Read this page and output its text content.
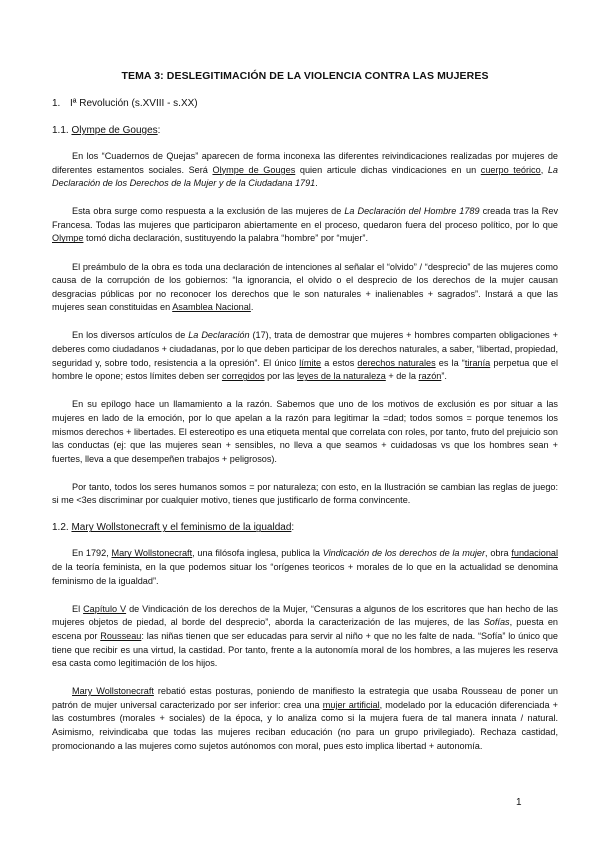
TEMA 3: DESLEGITIMACIÓN DE LA VIOLENCIA CONTRA LAS MUJERES
1. Iª Revolución (s.XVIII - s.XX)
1.1. Olympe de Gouges:

En los “Cuadernos de Quejas” aparecen de forma inconexa las diferentes reivindicaciones realizadas por mujeres de diferentes estamentos sociales. Será Olympe de Gouges quien articule dichas vindicaciones en un cuerpo teórico, La Declaración de los Derechos de la Mujer y de la Ciudadana 1791.

Esta obra surge como respuesta a la exclusión de las mujeres de La Declaración del Hombre 1789 creada tras la Rev Francesa. Todas las mujeres que participaron abiertamente en el proceso, quedaron fuera del proceso político, por lo que Olympe tomó dicha declaración, sustituyendo la palabra “hombre” por “mujer”.

El preámbulo de la obra es toda una declaración de intenciones al señalar el “olvido” / “desprecio” de las mujeres como causa de la corrupción de los gobiernos: “la ignorancia, el olvido o el desprecio de los derechos de la mujer causan desgracias públicas por no reconocer los derechos que le son naturales + inalienables + sagrados”. Instará a que las mujeres sean constituidas en Asamblea Nacional.

En los diversos artículos de La Declaración (17), trata de demostrar que mujeres + hombres comparten obligaciones + deberes como ciudadanos + ciudadanas, por lo que deben participar de los derechos naturales, a saber, “libertad, propiedad, seguridad y, sobre todo, resistencia a la opresión”. El único límite a estos derechos naturales es la “tiranía perpetua que el hombre le opone; estos límites deben ser corregidos por las leyes de la naturaleza + de la razón”.

En su epílogo hace un llamamiento a la razón. Sabemos que uno de los motivos de exclusión es por situar a las mujeres en lado de la emoción, por lo que apelan a la razón para legitimar la =dad; todos somos = porque tenemos los mismos derechos + libertades. El estereotipo es una etiqueta mental que correlata con roles, por tanto, fruto del prejuicio son las conductas (ej: que las mujeres sean + sensibles, no lleva a que seamos + cuidadosas vs que los hombres sean + fuertes, lleva a que desempeñen trabajos + peligrosos).

Por tanto, todos los seres humanos somos = por naturaleza; con esto, en la Ilustración se cambian las reglas de juego: si me <3es discriminar por cualquier motivo, tienes que justificarlo de forma convincente.

1.2. Mary Wollstonecraft y el feminismo de la igualdad:

En 1792, Mary Wollstonecraft, una filósofa inglesa, publica la Vindicación de los derechos de la mujer, obra fundacional de la teoría feminista, en la que podemos situar los “orígenes teoricos + morales de lo que en la actualidad se denomina feminismo de la igualdad”.

El Capítulo V de Vindicación de los derechos de la Mujer, “Censuras a algunos de los escritores que han hecho de las mujeres objetos de piedad, al borde del desprecio”, aborda la caracterización de las mujeres, de las Sofías, puesta en escena por Rousseau: las niñas tienen que ser educadas para servir al niño + que no les falte de nada. “Sofía” lo único que tiene que recibir es una virtud, la castidad. Por tanto, frente a la autonomía moral de los hombres, a las mujeres les reserva esa casta como legitimación de los hijos.

Mary Wollstonecraft rebatió estas posturas, poniendo de manifiesto la estrategia que usaba Rousseau de poner un patrón de mujer universal caracterizado por ser inferior: crea una mujer artificial, modelado por la educación diferenciada + las costumbres (morales + sociales) de la época, y lo analiza como si la mujera fuera de tal manera innata / natural. Asimismo, reivindicaba que todas las mujeres reciban educación (no para un grupo privilegiado). Rechaza castidad, promocionando a las mujeres como sujetos autónomos con moral, pues esto implica libertad + autonomía.

1
